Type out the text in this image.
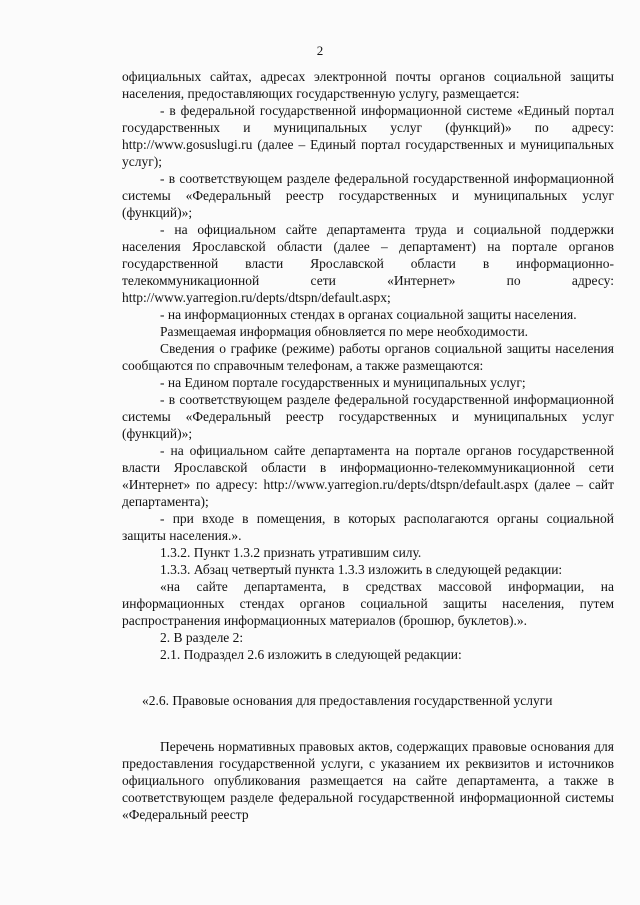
2

официальных сайтах, адресах электронной почты органов социальной защиты населения, предоставляющих государственную услугу, размещается:

- в федеральной государственной информационной системе «Единый портал государственных и муниципальных услуг (функций)» по адресу: http://www.gosuslugi.ru (далее – Единый портал государственных и муниципальных услуг);

- в соответствующем разделе федеральной государственной информационной системы «Федеральный реестр государственных и муниципальных услуг (функций)»;

- на официальном сайте департамента труда и социальной поддержки населения Ярославской области (далее – департамент) на портале органов государственной власти Ярославской области в информационно-телекоммуникационной сети «Интернет» по адресу: http://www.yarregion.ru/depts/dtspn/default.aspx;

- на информационных стендах в органах социальной защиты населения.

Размещаемая информация обновляется по мере необходимости.

Сведения о графике (режиме) работы органов социальной защиты населения сообщаются по справочным телефонам, а также размещаются:

- на Едином портале государственных и муниципальных услуг;

- в соответствующем разделе федеральной государственной информационной системы «Федеральный реестр государственных и муниципальных услуг (функций)»;

- на официальном сайте департамента на портале органов государственной власти Ярославской области в информационно-телекоммуникационной сети «Интернет» по адресу: http://www.yarregion.ru/depts/dtspn/default.aspx (далее – сайт департамента);

- при входе в помещения, в которых располагаются органы социальной защиты населения.».

1.3.2. Пункт 1.3.2 признать утратившим силу.

1.3.3. Абзац четвертый пункта 1.3.3 изложить в следующей редакции:

«на сайте департамента, в средствах массовой информации, на информационных стендах органов социальной защиты населения, путем распространения информационных материалов (брошюр, буклетов).».

2. В разделе 2:

2.1. Подраздел 2.6 изложить в следующей редакции:

«2.6. Правовые основания для предоставления государственной услуги
Перечень нормативных правовых актов, содержащих правовые основания для предоставления государственной услуги, с указанием их реквизитов и источников официального опубликования размещается на сайте департамента, а также в соответствующем разделе федеральной государственной информационной системы «Федеральный реестр
